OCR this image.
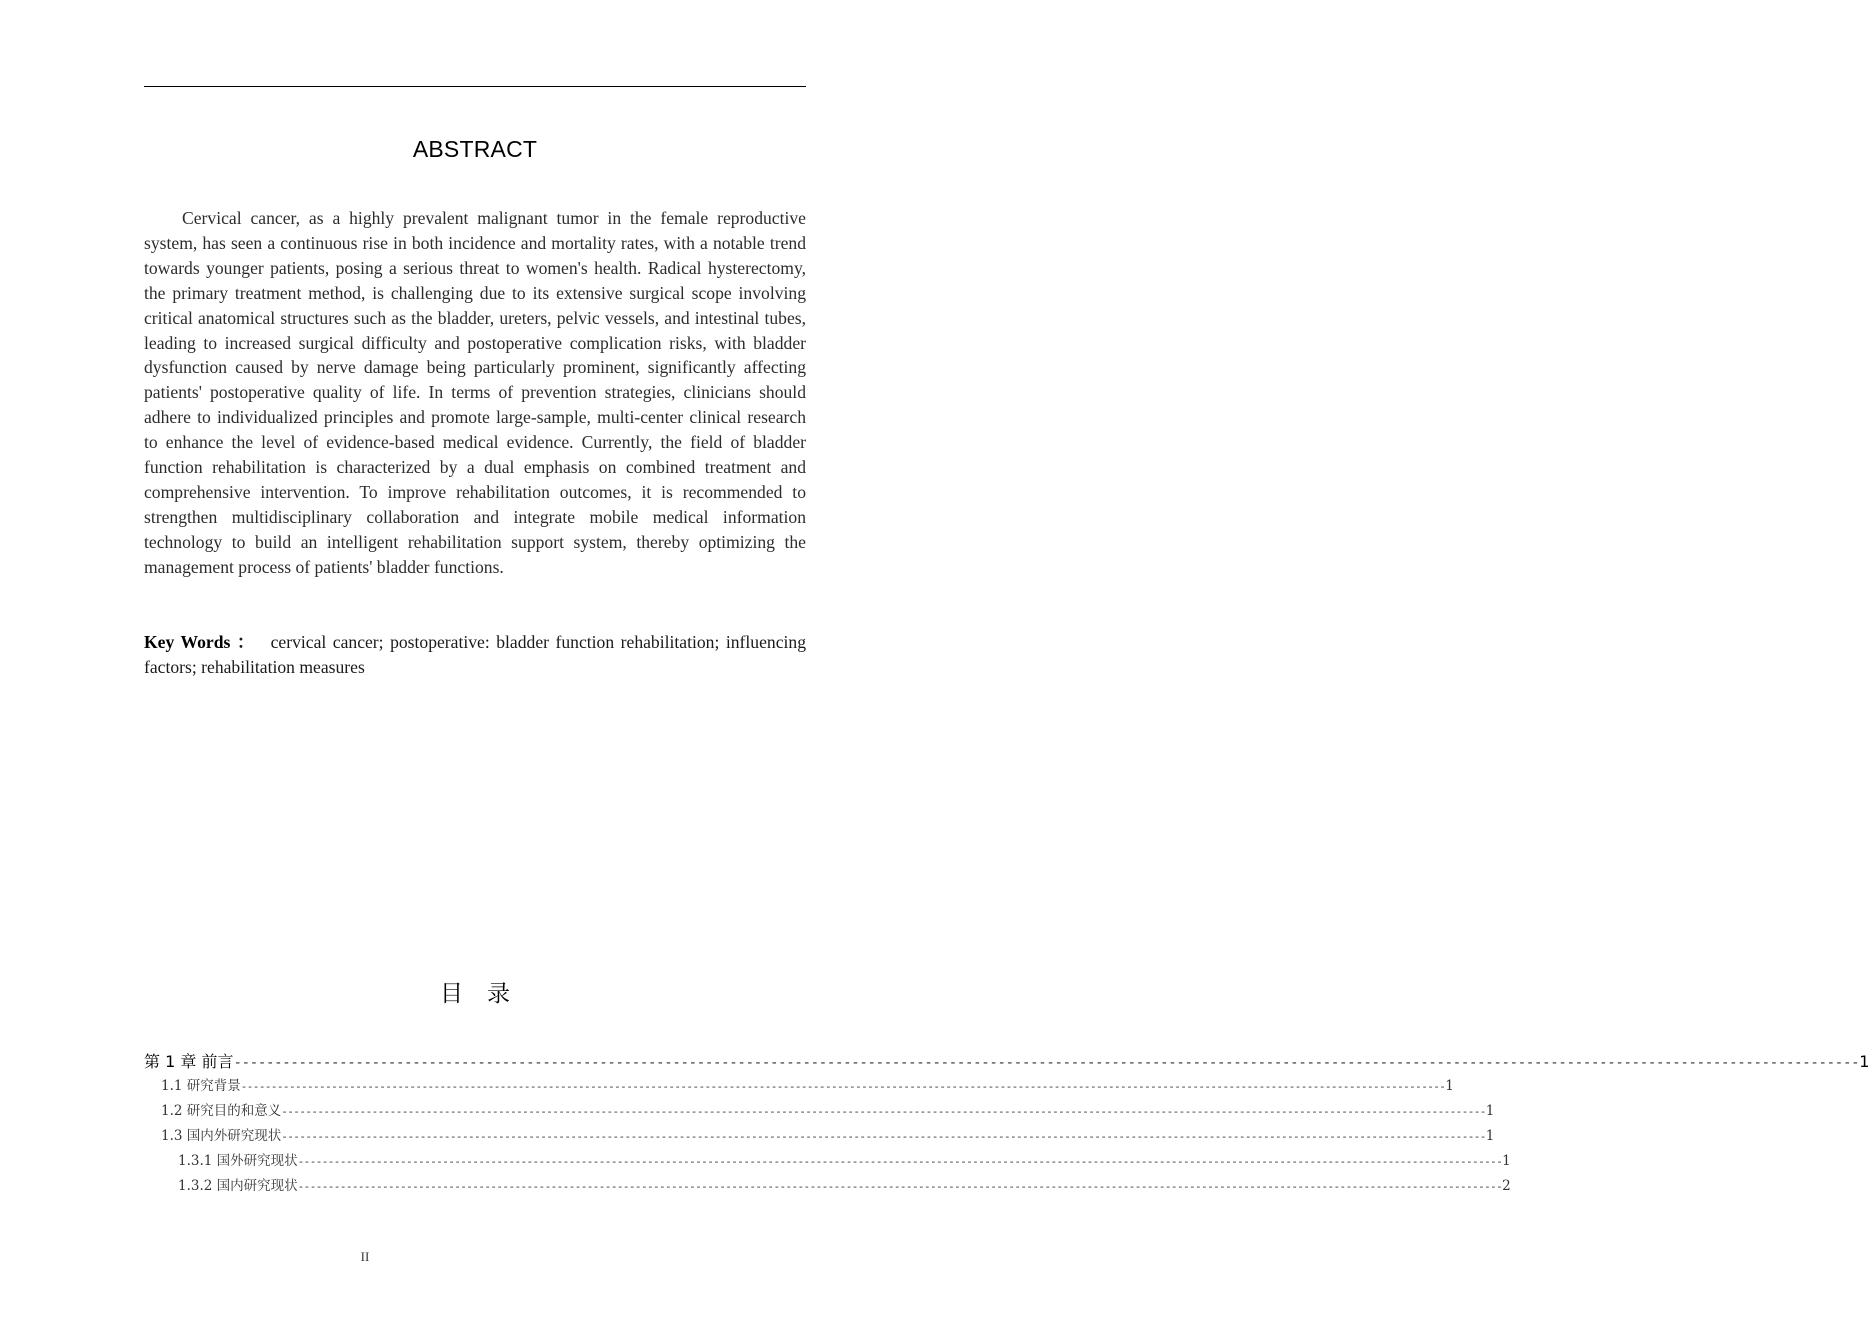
ABSTRACT

Cervical cancer, as a highly prevalent malignant tumor in the female reproductive system, has seen a continuous rise in both incidence and mortality rates, with a notable trend towards younger patients, posing a serious threat to women's health. Radical hysterectomy, the primary treatment method, is challenging due to its extensive surgical scope involving critical anatomical structures such as the bladder, ureters, pelvic vessels, and intestinal tubes, leading to increased surgical difficulty and postoperative complication risks, with bladder dysfunction caused by nerve damage being particularly prominent, significantly affecting patients' postoperative quality of life. In terms of prevention strategies, clinicians should adhere to individualized principles and promote large-sample, multi-center clinical research to enhance the level of evidence-based medical evidence. Currently, the field of bladder function rehabilitation is characterized by a dual emphasis on combined treatment and comprehensive intervention. To improve rehabilitation outcomes, it is recommended to strengthen multidisciplinary collaboration and integrate mobile medical information technology to build an intelligent rehabilitation support system, thereby optimizing the management process of patients' bladder functions.

Key Words ： cervical cancer; postoperative: bladder function rehabilitation; influencing factors; rehabilitation measures

目 录
第 1 章 前言 -------------------------------------------------------------------------------------------------------------------------------------------------------------------------------------------------------- 1
1.1 研究背景 -------------------------------------------------------------------------------------------------------------------------------------------------------------------------------------------------------- 1
1.2 研究目的和意义 -------------------------------------------------------------------------------------------------------------------------------------------------------------------------------------------------------- 1
1.3 国内外研究现状 -------------------------------------------------------------------------------------------------------------------------------------------------------------------------------------------------------- 1
1.3.1 国外研究现状 -------------------------------------------------------------------------------------------------------------------------------------------------------------------------------------------------------- 1
1.3.2 国内研究现状 -------------------------------------------------------------------------------------------------------------------------------------------------------------------------------------------------------- 2
II
